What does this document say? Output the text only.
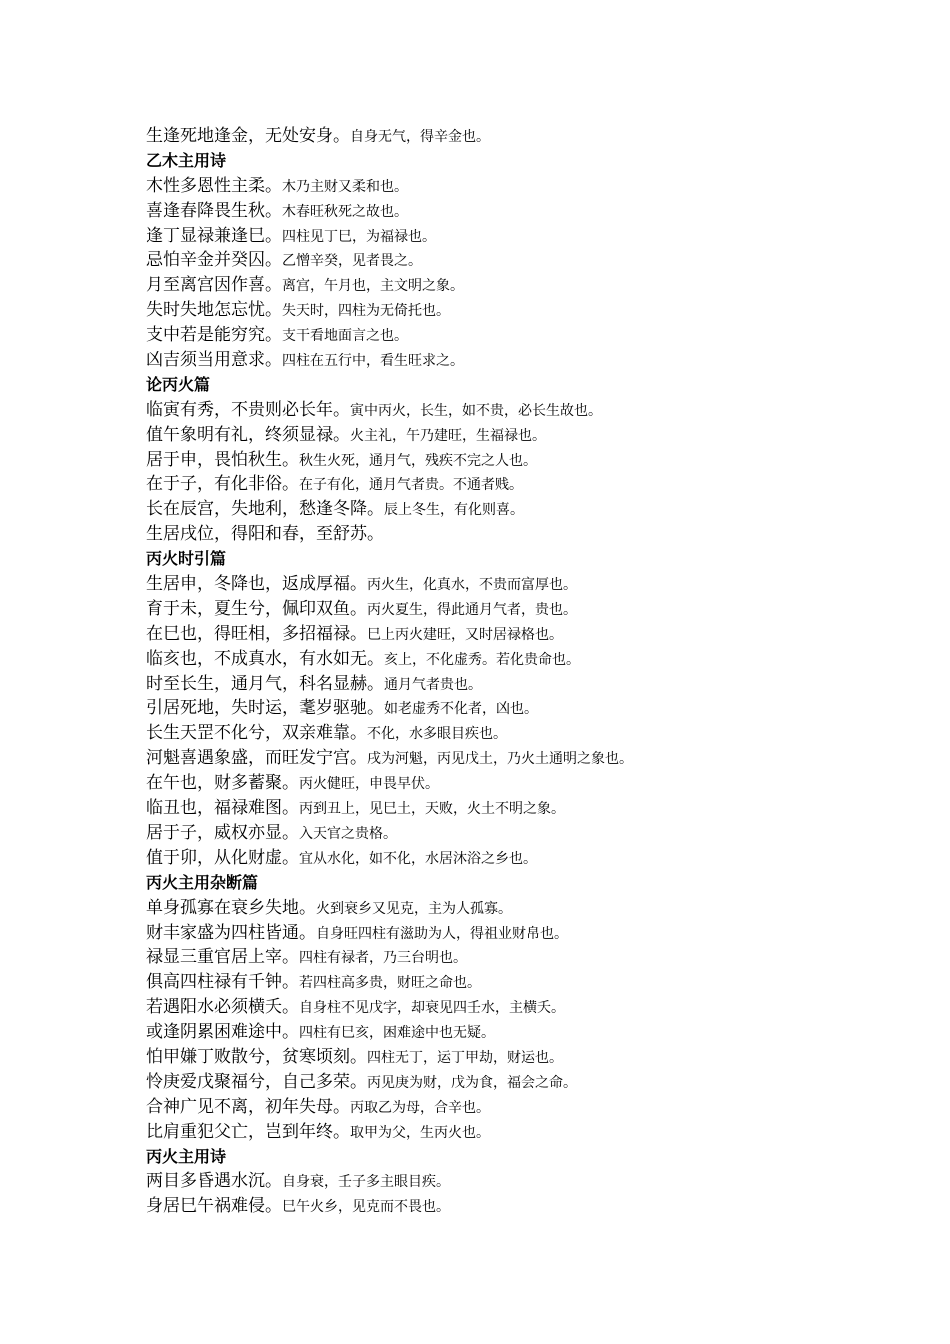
生逢死地逢金，无处安身。自身无气，得辛金也。
乙木主用诗
木性多恩性主柔。木乃主财又柔和也。
喜逢春降畏生秋。木春旺秋死之故也。
逢丁显禄兼逢巳。四柱见丁巳，为福禄也。
忌怕辛金并癸囚。乙憎辛癸，见者畏之。
月至离宫因作喜。离宫，午月也，主文明之象。
失时失地怎忘忧。失天时，四柱为无倚托也。
支中若是能穷究。支干看地面言之也。
凶吉须当用意求。四柱在五行中，看生旺求之。
论丙火篇
临寅有秀，不贵则必长年。寅中丙火，长生，如不贵，必长生故也。
值午象明有礼，终须显禄。火主礼，午乃建旺，生福禄也。
居于申，畏怕秋生。秋生火死，通月气，残疾不完之人也。
在于子，有化非俗。在子有化，通月气者贵。不通者贱。
长在辰宫，失地利，愁逢冬降。辰上冬生，有化则喜。
生居戌位，得阳和春，至舒苏。
丙火时引篇
生居申，冬降也，返成厚福。丙火生，化真水，不贵而富厚也。
育于未，夏生兮，佩印双鱼。丙火夏生，得此通月气者，贵也。
在巳也，得旺相，多招福禄。巳上丙火建旺，又时居禄格也。
临亥也，不成真水，有水如无。亥上，不化虚秀。若化贵命也。
时至长生，通月气，科名显赫。通月气者贵也。
引居死地，失时运，耄岁驱驰。如老虚秀不化者，凶也。
长生天罡不化兮，双亲难靠。不化，水多眼目疾也。
河魁喜遇象盛，而旺发宁宫。戌为河魁，丙见戊土，乃火土通明之象也。
在午也，财多蓄聚。丙火健旺，申畏早伏。
临丑也，福禄难图。丙到丑上，见巳土，天败，火土不明之象。
居于子，威权亦显。入天官之贵格。
值于卯，从化财虚。宜从水化，如不化，水居沐浴之乡也。
丙火主用杂断篇
单身孤寡在衰乡失地。火到衰乡又见克，主为人孤寡。
财丰家盛为四柱皆通。自身旺四柱有滋助为人，得祖业财帛也。
禄显三重官居上宰。四柱有禄者，乃三台明也。
俱高四柱禄有千钟。若四柱高多贵，财旺之命也。
若遇阳水必须横夭。自身柱不见戊字，却衰见四壬水，主横夭。
或逢阴累困难途中。四柱有巳亥，困难途中也无疑。
怕甲嫌丁败散兮，贫寒顷刻。四柱无丁，运丁甲劫，财运也。
怜庚爱戊聚福兮，自己多荣。丙见庚为财，戊为食，福会之命。
合神广见不离，初年失母。丙取乙为母，合辛也。
比肩重犯父亡，岂到年终。取甲为父，生丙火也。
丙火主用诗
两目多昏遇水沉。自身衰，壬子多主眼目疾。
身居巳午祸难侵。巳午火乡，见克而不畏也。
